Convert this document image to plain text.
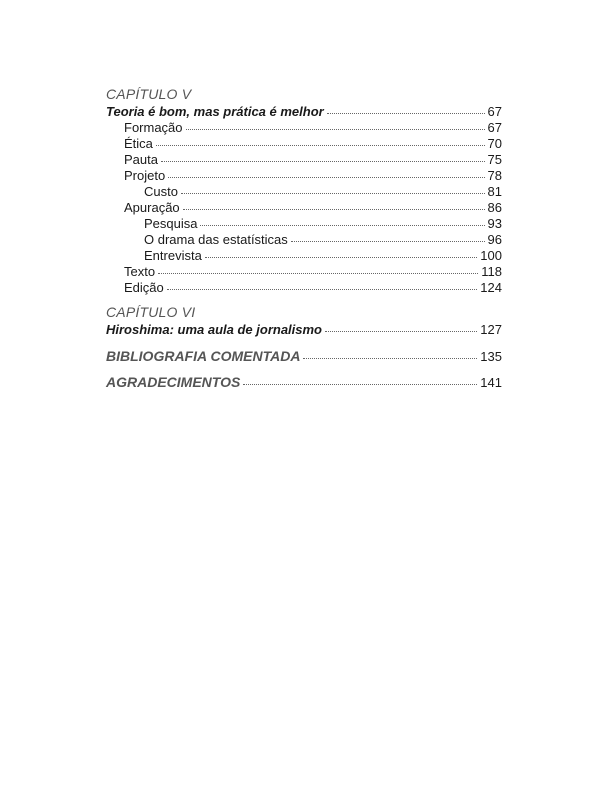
CAPÍTULO V
Teoria é bom, mas prática é melhor	67
Formação	67
Ética	70
Pauta	75
Projeto	78
Custo	81
Apuração	86
Pesquisa	93
O drama das estatísticas	96
Entrevista	100
Texto	118
Edição	124
CAPÍTULO VI
Hiroshima: uma aula de jornalismo	127
BIBLIOGRAFIA COMENTADA	135
AGRADECIMENTOS	141
